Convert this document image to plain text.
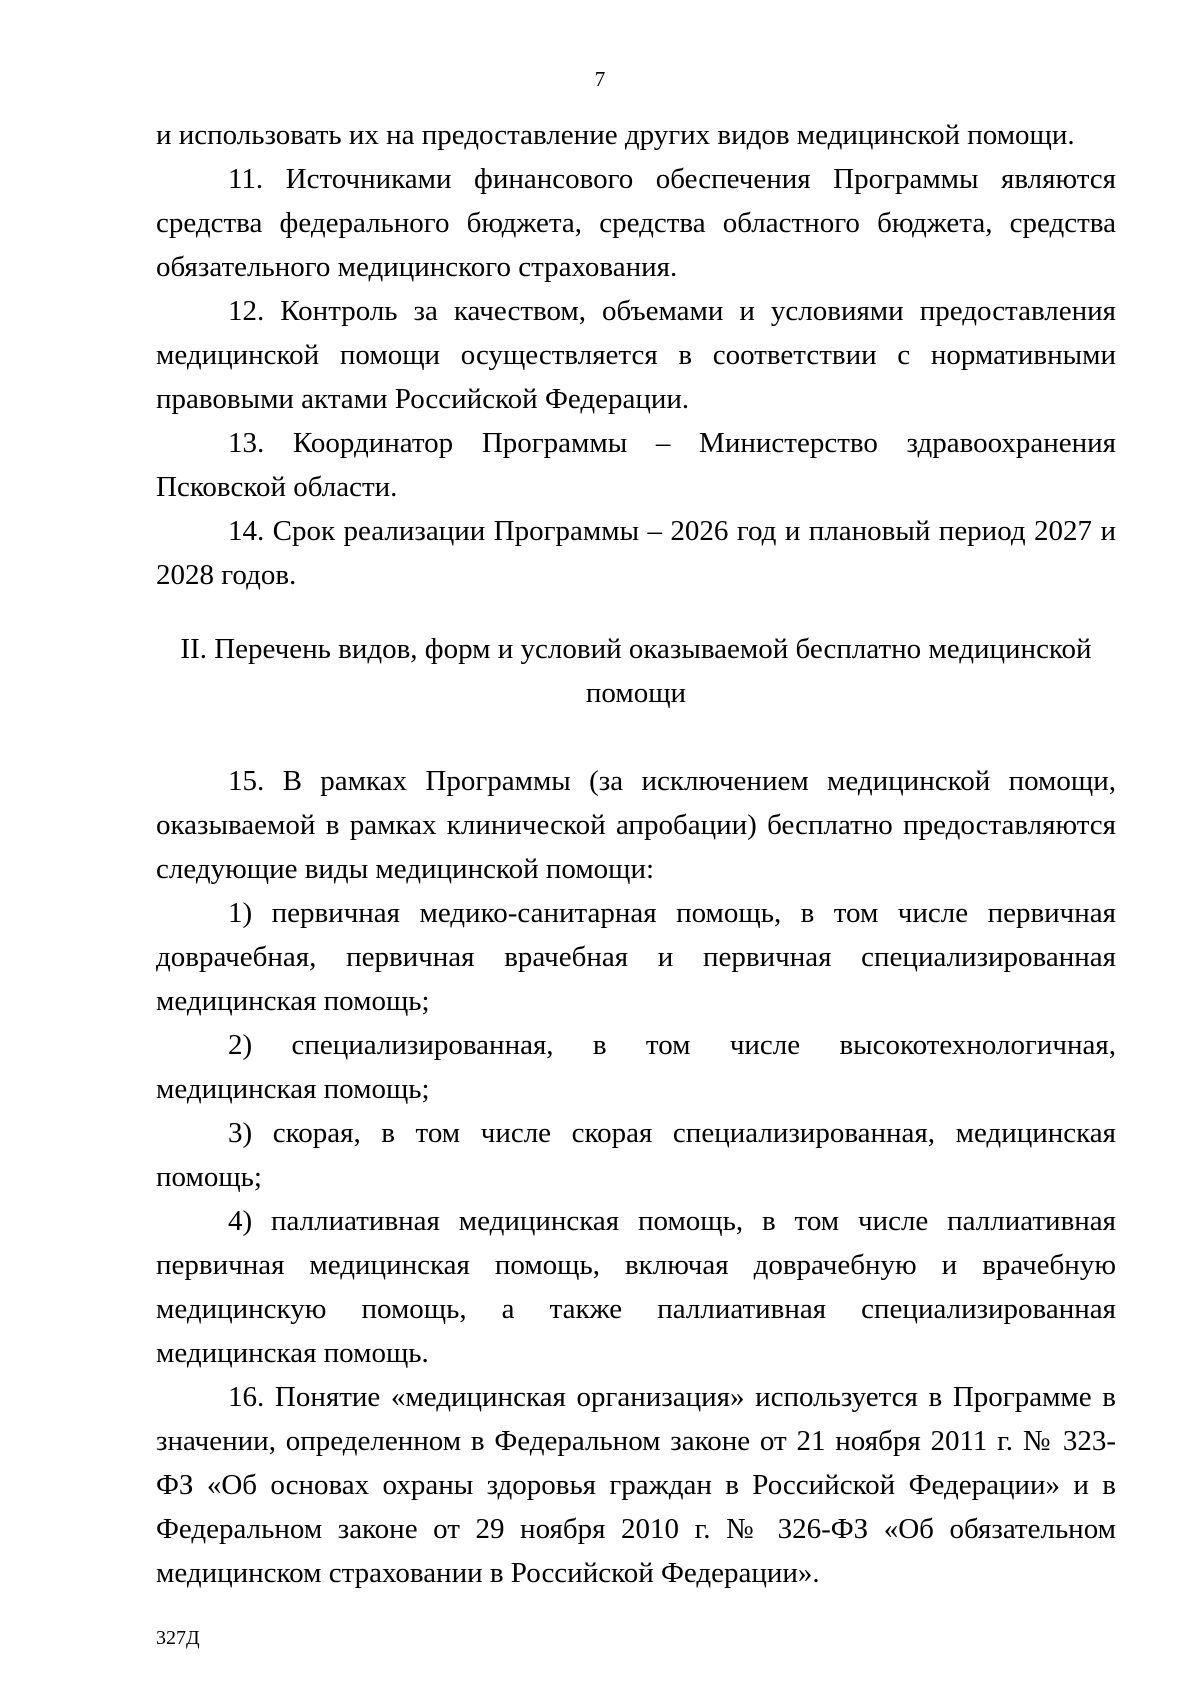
7

и использовать их на предоставление других видов медицинской помощи.

11. Источниками финансового обеспечения Программы являются средства федерального бюджета, средства областного бюджета, средства обязательного медицинского страхования.

12. Контроль за качеством, объемами и условиями предоставления медицинской помощи осуществляется в соответствии с нормативными правовыми актами Российской Федерации.

13. Координатор Программы – Министерство здравоохранения Псковской области.

14. Срок реализации Программы – 2026 год и плановый период 2027 и 2028 годов.

II. Перечень видов, форм и условий оказываемой бесплатно медицинской помощи

15. В рамках Программы (за исключением медицинской помощи, оказываемой в рамках клинической апробации) бесплатно предоставляются следующие виды медицинской помощи:

1) первичная медико-санитарная помощь, в том числе первичная доврачебная, первичная врачебная и первичная специализированная медицинская помощь;

2) специализированная, в том числе высокотехнологичная, медицинская помощь;

3) скорая, в том числе скорая специализированная, медицинская помощь;

4) паллиативная медицинская помощь, в том числе паллиативная первичная медицинская помощь, включая доврачебную и врачебную медицинскую помощь, а также паллиативная специализированная медицинская помощь.

16. Понятие «медицинская организация» используется в Программе в значении, определенном в Федеральном законе от 21 ноября 2011 г. № 323-ФЗ «Об основах охраны здоровья граждан в Российской Федерации» и в Федеральном законе от 29 ноября 2010 г. № 326-ФЗ «Об обязательном медицинском страховании в Российской Федерации».

327Д
